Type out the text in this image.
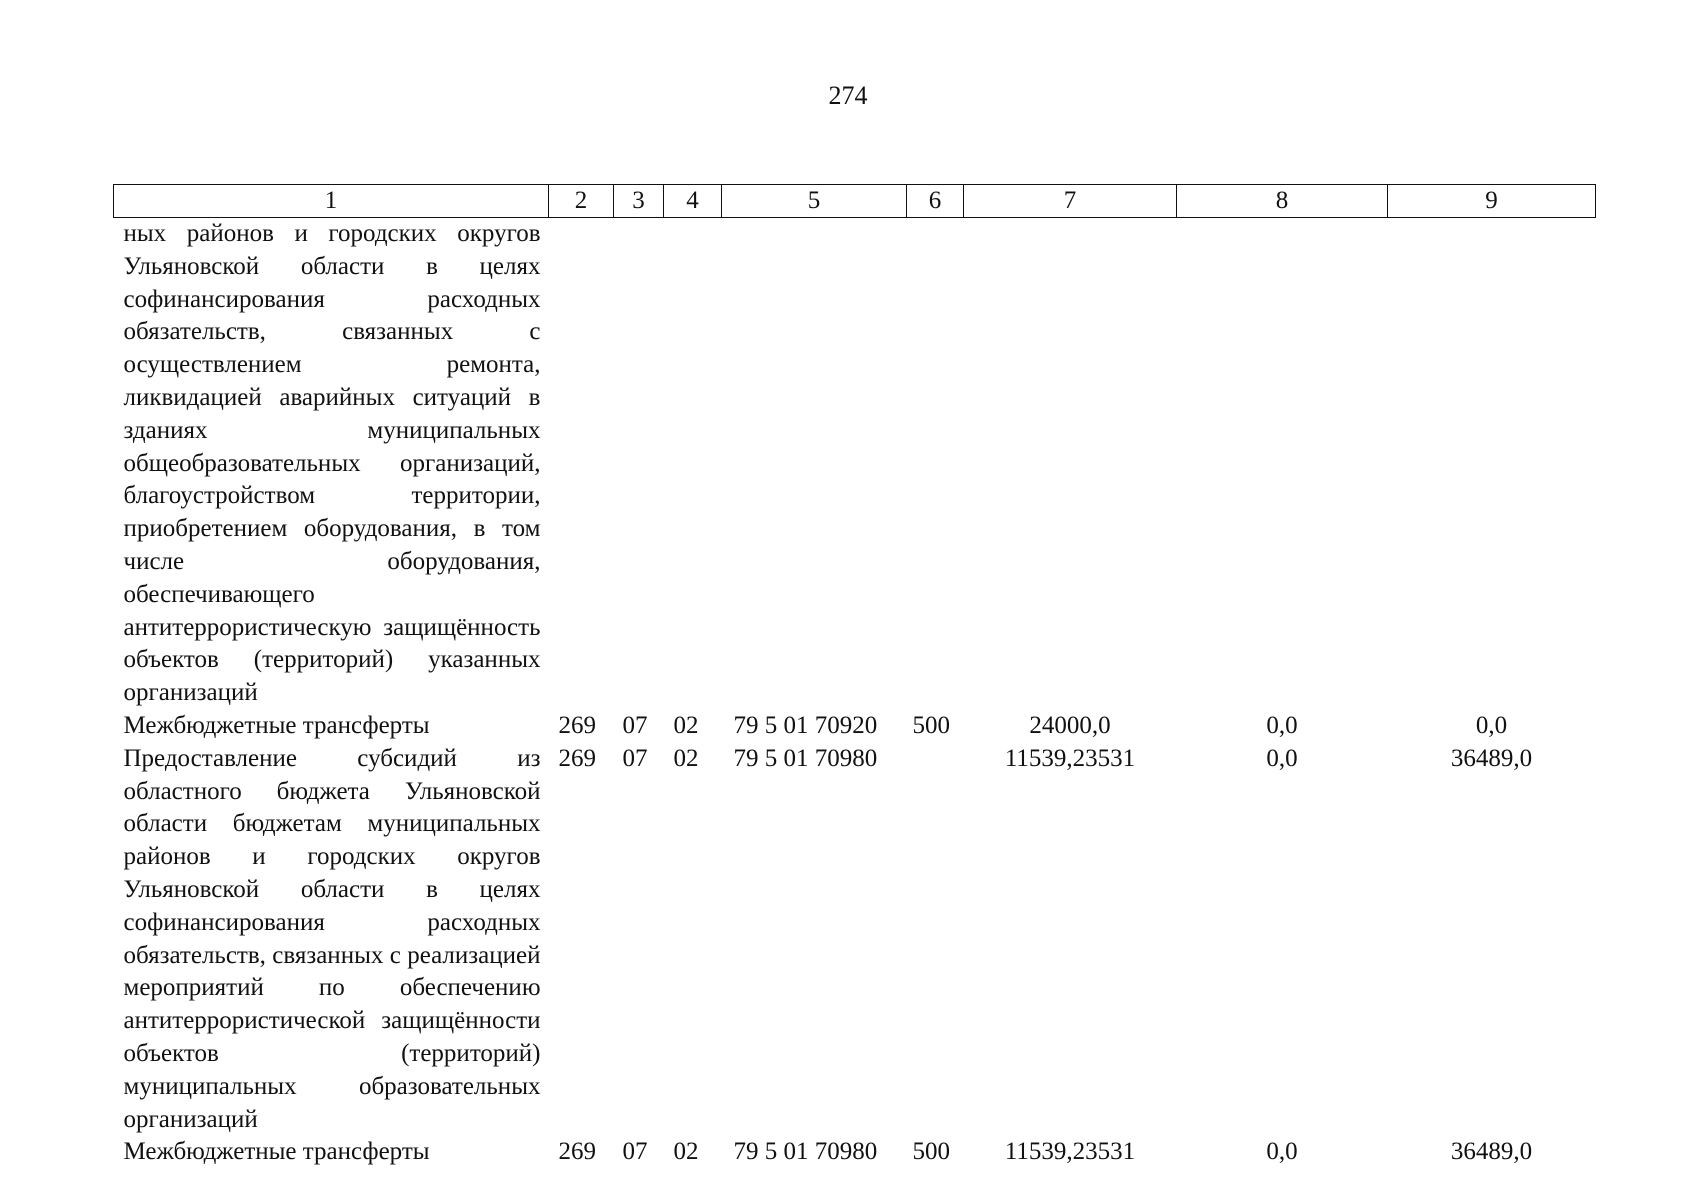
274
1	2	3	4	5	6	7	8	9
ных районов и городских округов Ульяновской области в целях софинансирования расходных обязательств, связанных с осуществлением ремонта, ликвидацией аварийных ситуаций в зданиях муниципальных общеобразовательных организаций, благоустройством территории, приобретением оборудования, в том числе оборудования, обеспечивающего антитеррористическую защищённость объектов (территорий) указанных организаций								
Межбюджетные трансферты	269	07	02	79 5 01 70920	500	24000,0	0,0	0,0
Предоставление субсидий из областного бюджета Ульяновской области бюджетам муниципальных районов и городских округов Ульяновской области в целях софинансирования расходных обязательств, связанных с реализацией мероприятий по обеспечению антитеррористической защищённости объектов (территорий) муниципальных образовательных организаций	269	07	02	79 5 01 70980		11539,23531	0,0	36489,0
Межбюджетные трансферты	269	07	02	79 5 01 70980	500	11539,23531	0,0	36489,0
